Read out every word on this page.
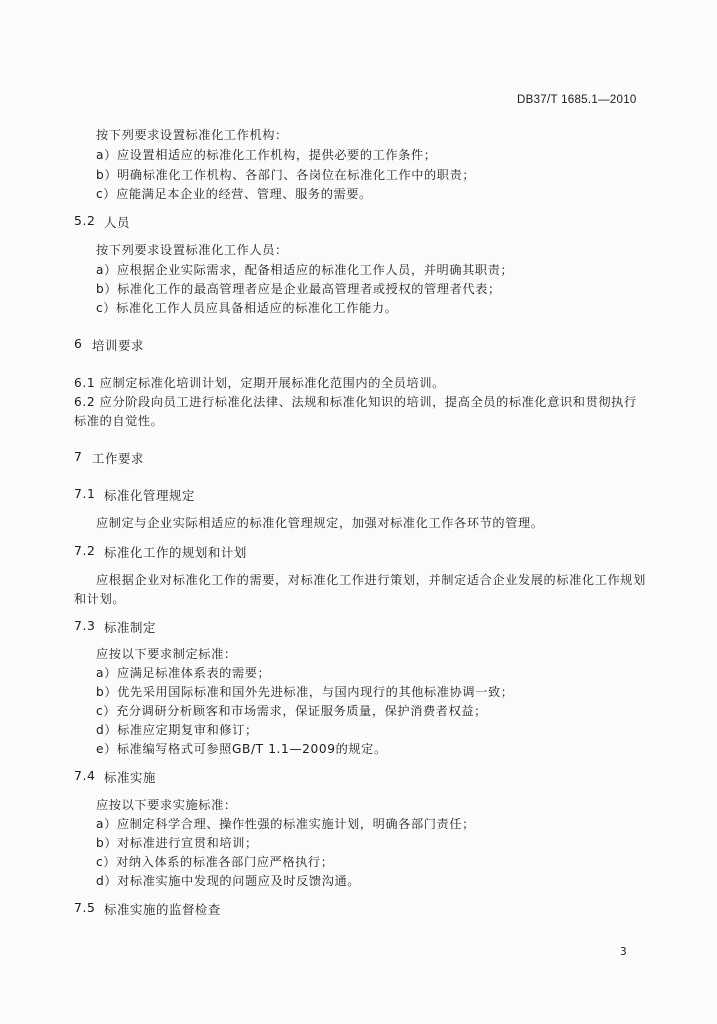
DB37/T 1685.1—2010
按下列要求设置标准化工作机构：
a）应设置相适应的标准化工作机构，提供必要的工作条件；
b）明确标准化工作机构、各部门、各岗位在标准化工作中的职责；
c）应能满足本企业的经营、管理、服务的需要。
5.2 人员
按下列要求设置标准化工作人员：
a）应根据企业实际需求，配备相适应的标准化工作人员，并明确其职责；
b）标准化工作的最高管理者应是企业最高管理者或授权的管理者代表；
c）标准化工作人员应具备相适应的标准化工作能力。
6 培训要求
6.1 应制定标准化培训计划，定期开展标准化范围内的全员培训。
6.2 应分阶段向员工进行标准化法律、法规和标准化知识的培训，提高全员的标准化意识和贯彻执行
标准的自觉性。
7 工作要求
7.1 标准化管理规定
应制定与企业实际相适应的标准化管理规定，加强对标准化工作各环节的管理。
7.2 标准化工作的规划和计划
应根据企业对标准化工作的需要，对标准化工作进行策划，并制定适合企业发展的标准化工作规划
和计划。
7.3 标准制定
应按以下要求制定标准：
a）应满足标准体系表的需要；
b）优先采用国际标准和国外先进标准，与国内现行的其他标准协调一致；
c）充分调研分析顾客和市场需求，保证服务质量，保护消费者权益；
d）标准应定期复审和修订；
e）标准编写格式可参照GB/T 1.1—2009的规定。
7.4 标准实施
应按以下要求实施标准：
a）应制定科学合理、操作性强的标准实施计划，明确各部门责任；
b）对标准进行宣贯和培训；
c）对纳入体系的标准各部门应严格执行；
d）对标准实施中发现的问题应及时反馈沟通。
7.5 标准实施的监督检查
3
